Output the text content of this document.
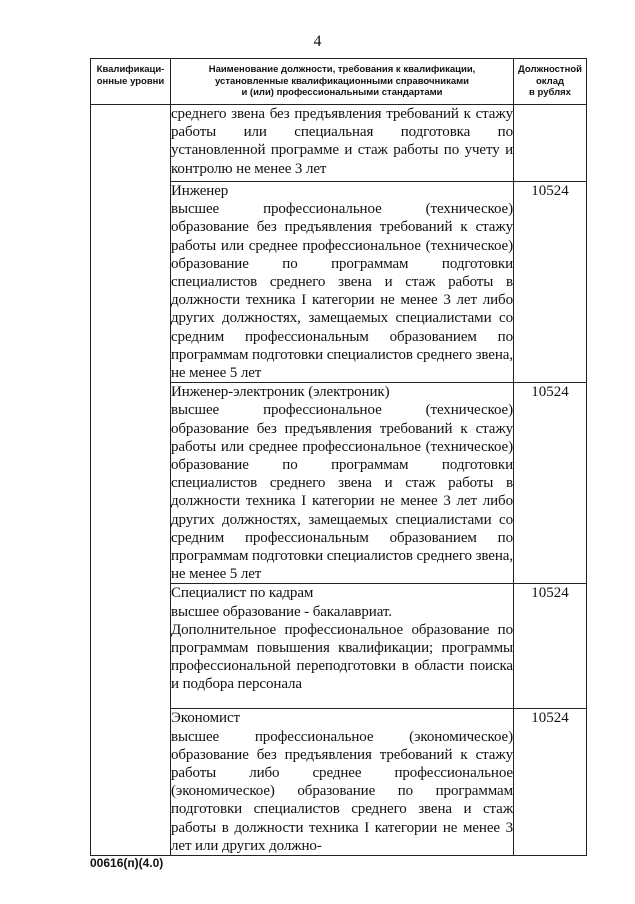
4
Квалификаци-
онные уровни	Наименование должности, требования к квалификации,
установленные квалификационными справочниками
и (или) профессиональными стандартами	Должностной
оклад
в рублях

	среднего звена без предъявления требований к стажу работы или специальная подготовка по установленной программе и стаж работы по учету и контролю не менее 3 лет	

	Инженер
высшее профессиональное (техническое) образование без предъявления требований к стажу работы или среднее профессиональное (техническое) образование по программам подготовки специалистов среднего звена и стаж работы в должности техника I категории не менее 3 лет либо других должностях, замещаемых специалистами со средним профессиональным образованием по программам подготовки специалистов среднего звена, не менее 5 лет	10524

	Инженер-электроник (электроник)
высшее профессиональное (техническое) образование без предъявления требований к стажу работы или среднее профессиональное (техническое) образование по программам подготовки специалистов среднего звена и стаж работы в должности техника I категории не менее 3 лет либо других должностях, замещаемых специалистами со средним профессиональным образованием по программам подготовки специалистов среднего звена, не менее 5 лет	10524

	Специалист по кадрам
высшее образование - бакалавриат.
Дополнительное профессиональное образование по программам повышения квалификации; программы профессиональной переподготовки в области поиска и подбора персонала	10524

	Экономист
высшее профессиональное (экономическое) образование без предъявления требований к стажу работы либо среднее профессиональное (экономическое) образование по программам подготовки специалистов среднего звена и стаж работы в должности техника I категории не менее 3 лет или других должно-	10524
00616(п)(4.0)
